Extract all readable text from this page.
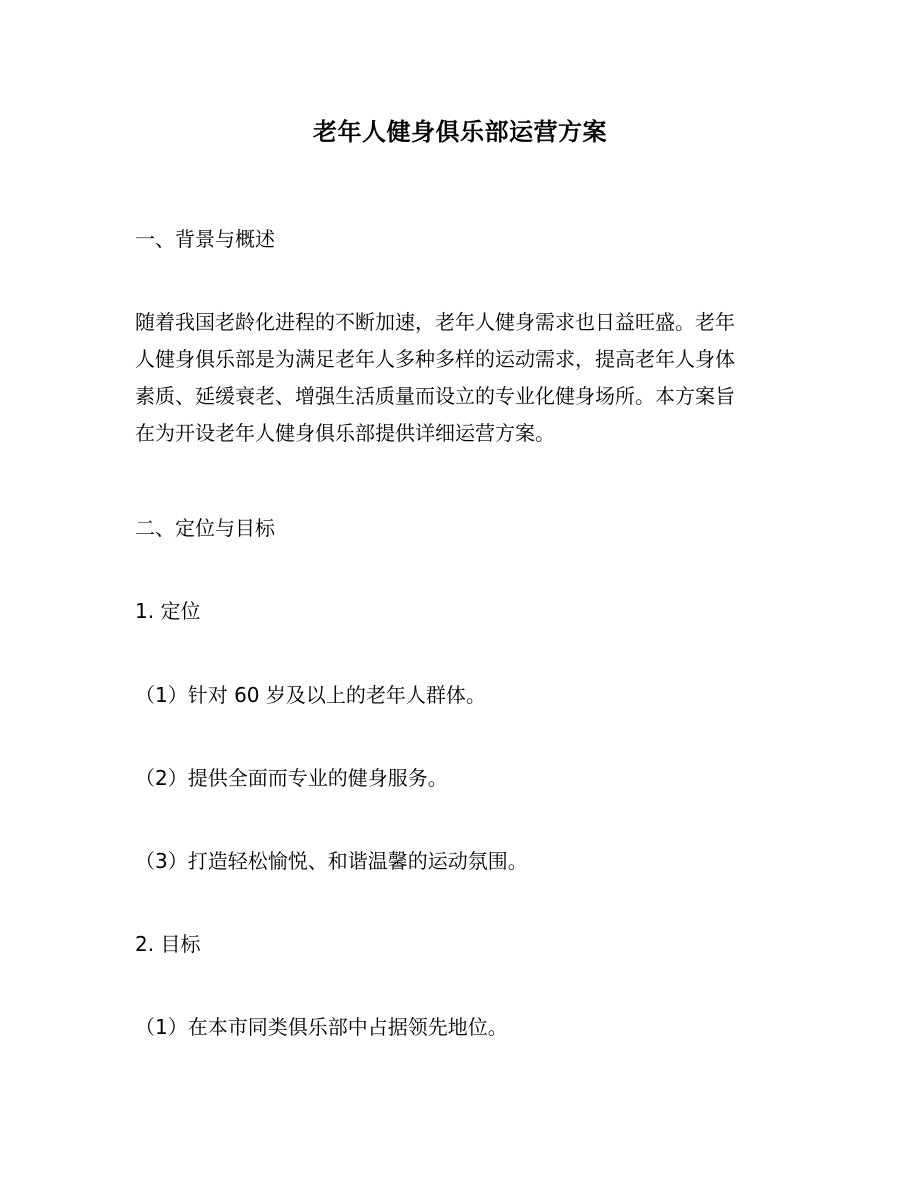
老年人健身俱乐部运营方案
一、背景与概述
随着我国老龄化进程的不断加速，老年人健身需求也日益旺盛。老年
人健身俱乐部是为满足老年人多种多样的运动需求，提高老年人身体
素质、延缓衰老、增强生活质量而设立的专业化健身场所。本方案旨
在为开设老年人健身俱乐部提供详细运营方案。
二、定位与目标
1. 定位
（1）针对 60 岁及以上的老年人群体。
（2）提供全面而专业的健身服务。
（3）打造轻松愉悦、和谐温馨的运动氛围。
2. 目标
（1）在本市同类俱乐部中占据领先地位。
